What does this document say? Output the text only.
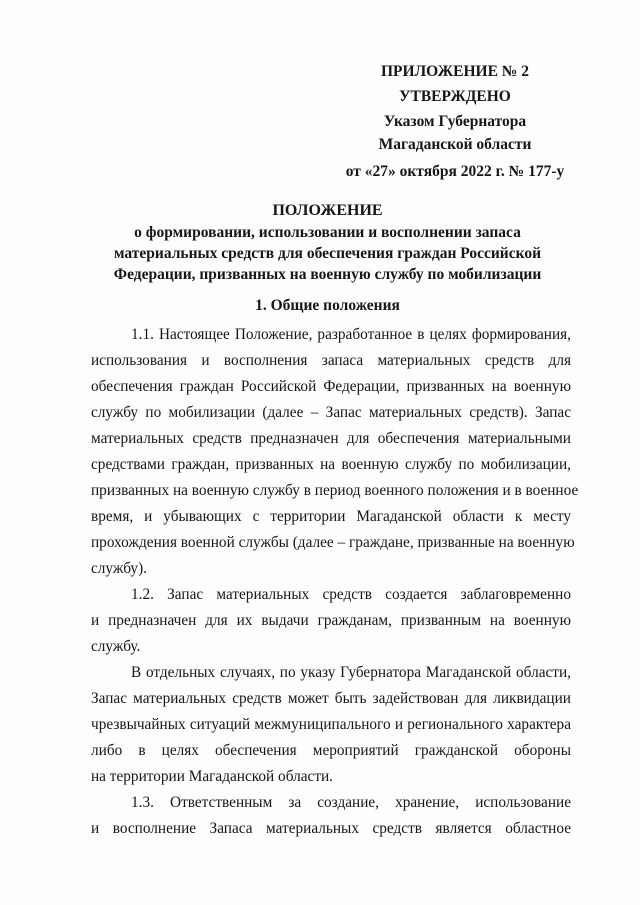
ПРИЛОЖЕНИЕ № 2
УТВЕРЖДЕНО
Указом Губернатора
Магаданской области
от «27» октября 2022 г. № 177-у
ПОЛОЖЕНИЕ
о формировании, использовании и восполнении запаса
материальных средств для обеспечения граждан Российской
Федерации, призванных на военную службу по мобилизации
1. Общие положения
1.1. Настоящее Положение, разработанное в целях формирования,
использования и восполнения запаса материальных средств для
обеспечения граждан Российской Федерации, призванных на военную
службу по мобилизации (далее – Запас материальных средств). Запас
материальных средств предназначен для обеспечения материальными
средствами граждан, призванных на военную службу по мобилизации,
призванных на военную службу в период военного положения и в военное
время, и убывающих с территории Магаданской области к месту
прохождения военной службы (далее – граждане, призванные на военную
службу).
1.2. Запас материальных средств создается заблаговременно
и предназначен для их выдачи гражданам, призванным на военную
службу.
В отдельных случаях, по указу Губернатора Магаданской области,
Запас материальных средств может быть задействован для ликвидации
чрезвычайных ситуаций межмуниципального и регионального характера
либо в целях обеспечения мероприятий гражданской обороны
на территории Магаданской области.
1.3. Ответственным за создание, хранение, использование
и восполнение Запаса материальных средств является областное
